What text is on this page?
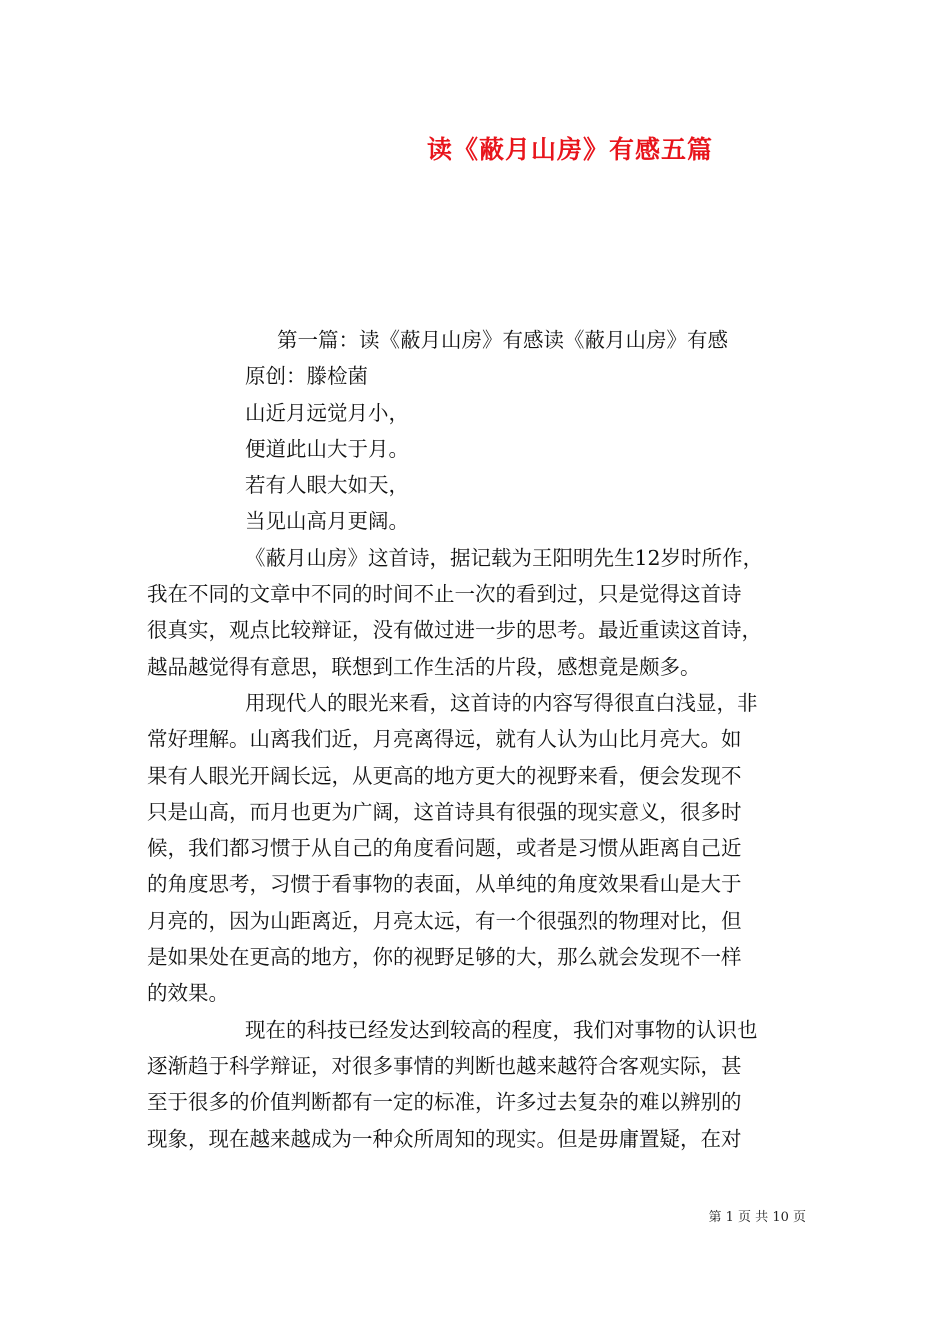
读《蔽月山房》有感五篇
第一篇：读《蔽月山房》有感读《蔽月山房》有感
原创：滕检菌
山近月远觉月小，
便道此山大于月。
若有人眼大如天，
当见山高月更阔。
《蔽月山房》这首诗，据记载为王阳明先生12岁时所作，
我在不同的文章中不同的时间不止一次的看到过，只是觉得这首诗
很真实，观点比较辩证，没有做过进一步的思考。最近重读这首诗，
越品越觉得有意思，联想到工作生活的片段，感想竟是颇多。
用现代人的眼光来看，这首诗的内容写得很直白浅显，非
常好理解。山离我们近，月亮离得远，就有人认为山比月亮大。如
果有人眼光开阔长远，从更高的地方更大的视野来看，便会发现不
只是山高，而月也更为广阔，这首诗具有很强的现实意义，很多时
候，我们都习惯于从自己的角度看问题，或者是习惯从距离自己近
的角度思考，习惯于看事物的表面，从单纯的角度效果看山是大于
月亮的，因为山距离近，月亮太远，有一个很强烈的物理对比，但
是如果处在更高的地方，你的视野足够的大，那么就会发现不一样
的效果。
现在的科技已经发达到较高的程度，我们对事物的认识也
逐渐趋于科学辩证，对很多事情的判断也越来越符合客观实际，甚
至于很多的价值判断都有一定的标准，许多过去复杂的难以辨别的
现象，现在越来越成为一种众所周知的现实。但是毋庸置疑，在对
第 1 页 共 10 页
